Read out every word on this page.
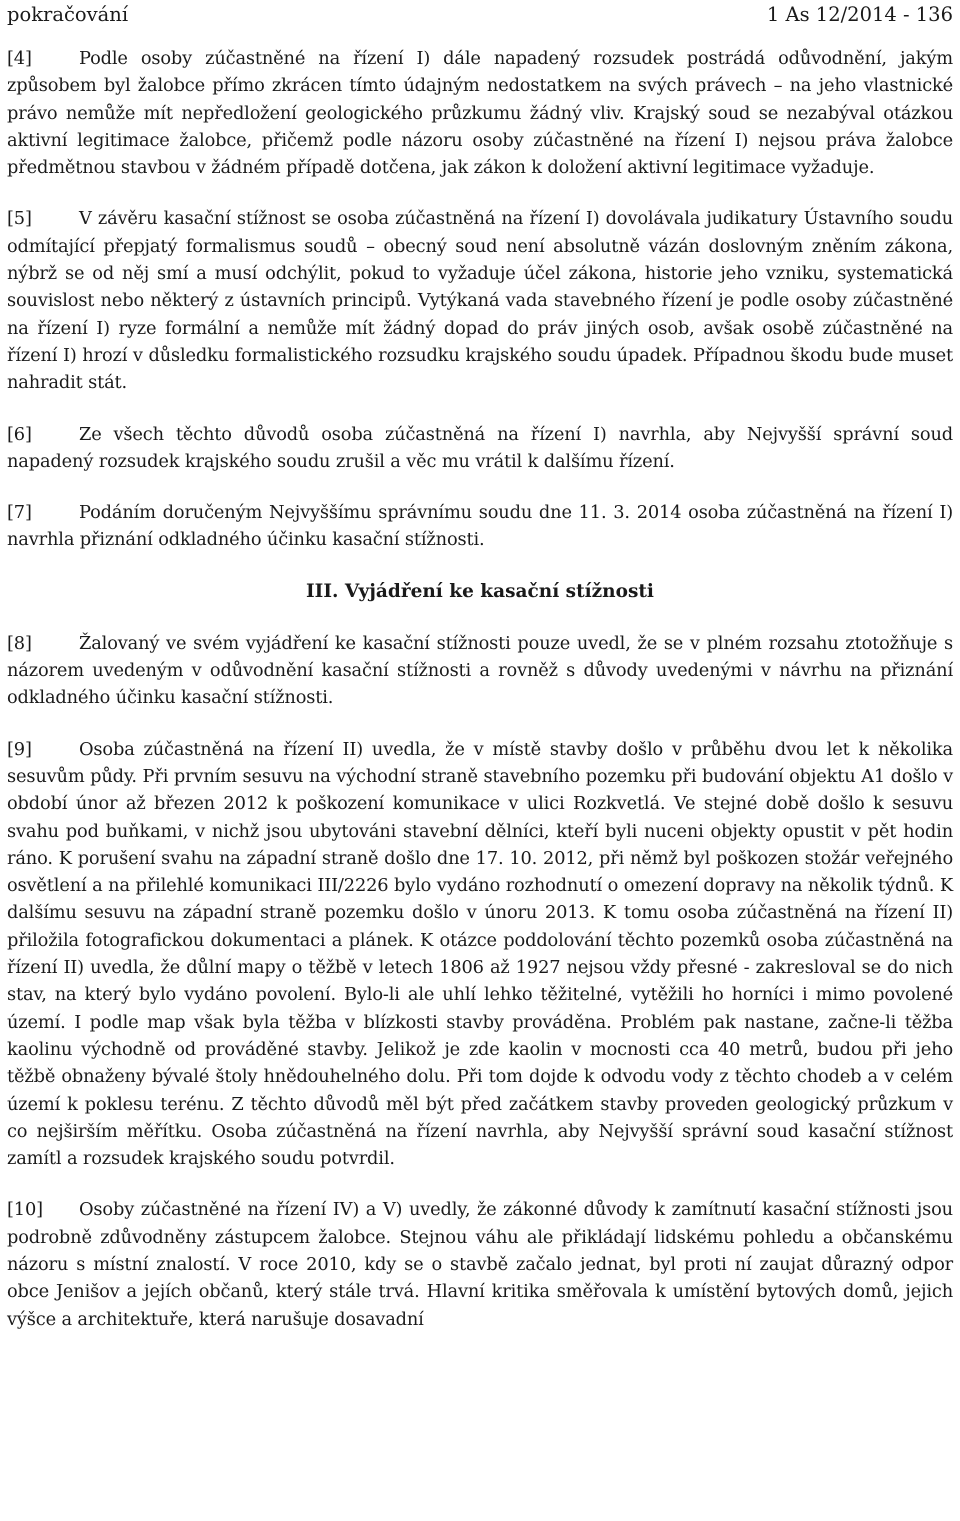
pokračování	1 As 12/2014 - 136

[4]	Podle osoby zúčastněné na řízení I) dále napadený rozsudek postrádá odůvodnění, jakým způsobem byl žalobce přímo zkrácen tímto údajným nedostatkem na svých právech – na jeho vlastnické právo nemůže mít nepředložení geologického průzkumu žádný vliv. Krajský soud se nezabýval otázkou aktivní legitimace žalobce, přičemž podle názoru osoby zúčastněné na řízení I) nejsou práva žalobce předmětnou stavbou v žádném případě dotčena, jak zákon k doložení aktivní legitimace vyžaduje.

[5]	V závěru kasační stížnost se osoba zúčastněná na řízení I) dovolávala judikatury Ústavního soudu odmítající přepjatý formalismus soudů – obecný soud není absolutně vázán doslovným zněním zákona, nýbrž se od něj smí a musí odchýlit, pokud to vyžaduje účel zákona, historie jeho vzniku, systematická souvislost nebo některý z ústavních principů. Vytýkaná vada stavebného řízení je podle osoby zúčastněné na řízení I) ryze formální a nemůže mít žádný dopad do práv jiných osob, avšak osobě zúčastněné na řízení I) hrozí v důsledku formalistického rozsudku krajského soudu úpadek. Případnou škodu bude muset nahradit stát.

[6]	Ze všech těchto důvodů osoba zúčastněná na řízení I) navrhla, aby Nejvyšší správní soud napadený rozsudek krajského soudu zrušil a věc mu vrátil k dalšímu řízení.

[7]	Podáním doručeným Nejvyššímu správnímu soudu dne 11. 3. 2014 osoba zúčastněná na řízení I) navrhla přiznání odkladného účinku kasační stížnosti.

III. Vyjádření ke kasační stížnosti

[8]	Žalovaný ve svém vyjádření ke kasační stížnosti pouze uvedl, že se v plném rozsahu ztotožňuje s názorem uvedeným v odůvodnění kasační stížnosti a rovněž s důvody uvedenými v návrhu na přiznání odkladného účinku kasační stížnosti.

[9]	Osoba zúčastněná na řízení II) uvedla, že v místě stavby došlo v průběhu dvou let k několika sesuvům půdy. Při prvním sesuvu na východní straně stavebního pozemku při budování objektu A1 došlo v období únor až březen 2012 k poškození komunikace v ulici Rozkvetlá. Ve stejné době došlo k sesuvu svahu pod buňkami, v nichž jsou ubytováni stavební dělníci, kteří byli nuceni objekty opustit v pět hodin ráno. K porušení svahu na západní straně došlo dne 17. 10. 2012, při němž byl poškozen stožár veřejného osvětlení a na přilehlé komunikaci III/2226 bylo vydáno rozhodnutí o omezení dopravy na několik týdnů. K dalšímu sesuvu na západní straně pozemku došlo v únoru 2013. K tomu osoba zúčastněná na řízení II) přiložila fotografickou dokumentaci a plánek. K otázce poddolování těchto pozemků osoba zúčastněná na řízení II) uvedla, že důlní mapy o těžbě v letech 1806 až 1927 nejsou vždy přesné - zakresloval se do nich stav, na který bylo vydáno povolení. Bylo-li ale uhlí lehko těžitelné, vytěžili ho horníci i mimo povolené území. I podle map však byla těžba v blízkosti stavby prováděna. Problém pak nastane, začne-li těžba kaolinu východně od prováděné stavby. Jelikož je zde kaolin v mocnosti cca 40 metrů, budou při jeho těžbě obnaženy bývalé štoly hnědouhelného dolu. Při tom dojde k odvodu vody z těchto chodeb a v celém území k poklesu terénu. Z těchto důvodů měl být před začátkem stavby proveden geologický průzkum v co nejširším měřítku. Osoba zúčastněná na řízení navrhla, aby Nejvyšší správní soud kasační stížnost zamítl a rozsudek krajského soudu potvrdil.

[10] Osoby zúčastněné na řízení IV) a V) uvedly, že zákonné důvody k zamítnutí kasační stížnosti jsou podrobně zdůvodněny zástupcem žalobce. Stejnou váhu ale přikládají lidskému pohledu a občanskému názoru s místní znalostí. V roce 2010, kdy se o stavbě začalo jednat, byl proti ní zaujat důrazný odpor obce Jenišov a jejích občanů, který stále trvá. Hlavní kritika směřovala k umístění bytových domů, jejich výšce a architektuře, která narušuje dosavadní
